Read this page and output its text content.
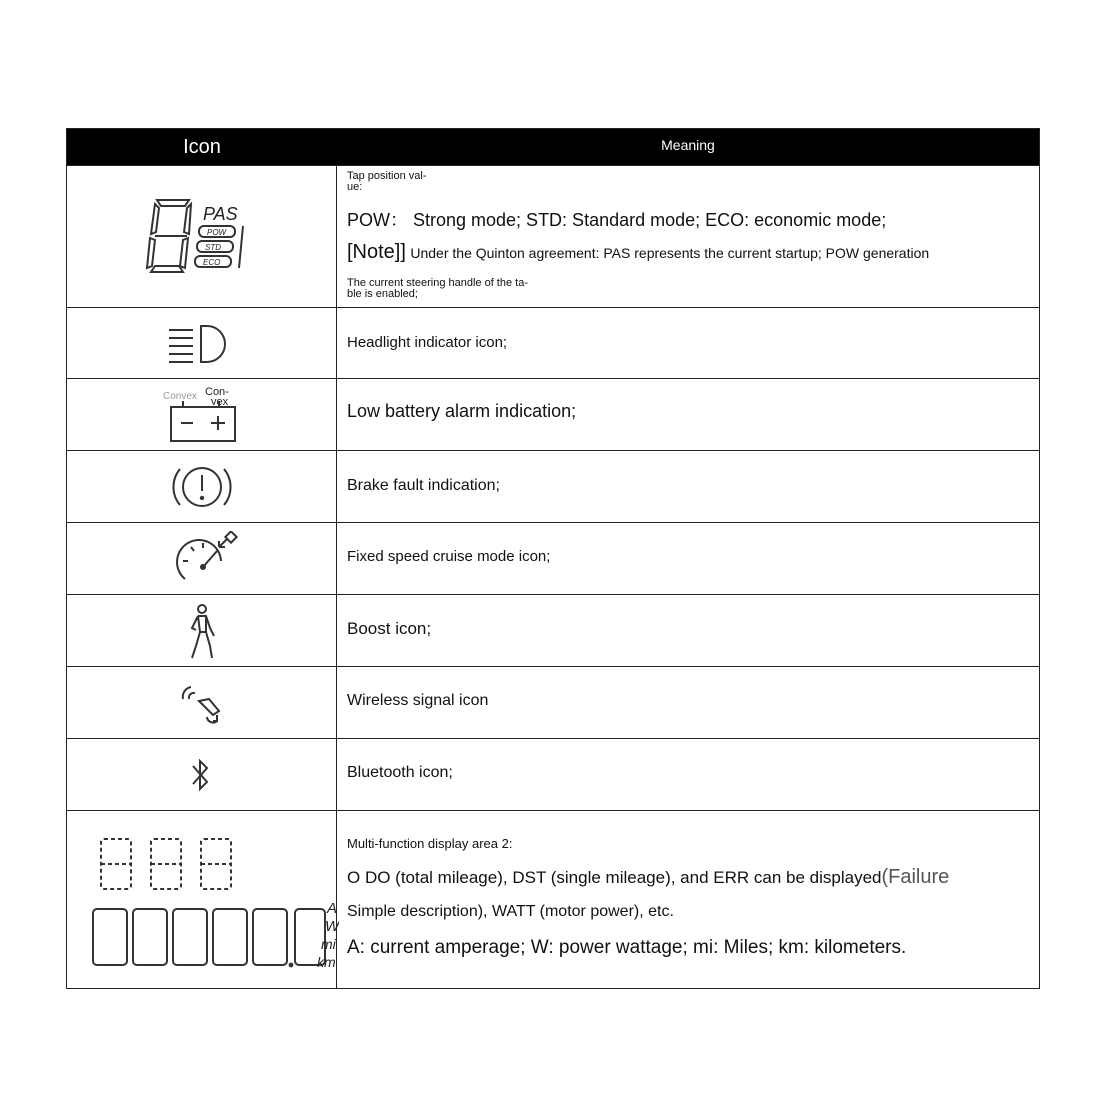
Icon	Meaning
PAS
POW
STD
ECO
Tap position val-
ue:
POW： Strong mode; STD: Standard mode; ECO: economic mode;
[Note]] Under the Quinton agreement: PAS represents the current startup; POW generation
The current steering handle of the ta-
ble is enabled;
Headlight indicator icon;
Convex Con-
vex	Low battery alarm indication;
Brake fault indication;
Fixed speed cruise mode icon;
Boost icon;
Wireless signal icon
Bluetooth icon;
A
W
mi
km
Multi-function display area 2:
O DO (total mileage), DST (single mileage), and ERR can be displayed(Failure
Simple description), WATT (motor power), etc.
A: current amperage; W: power wattage; mi: Miles; km: kilometers.
